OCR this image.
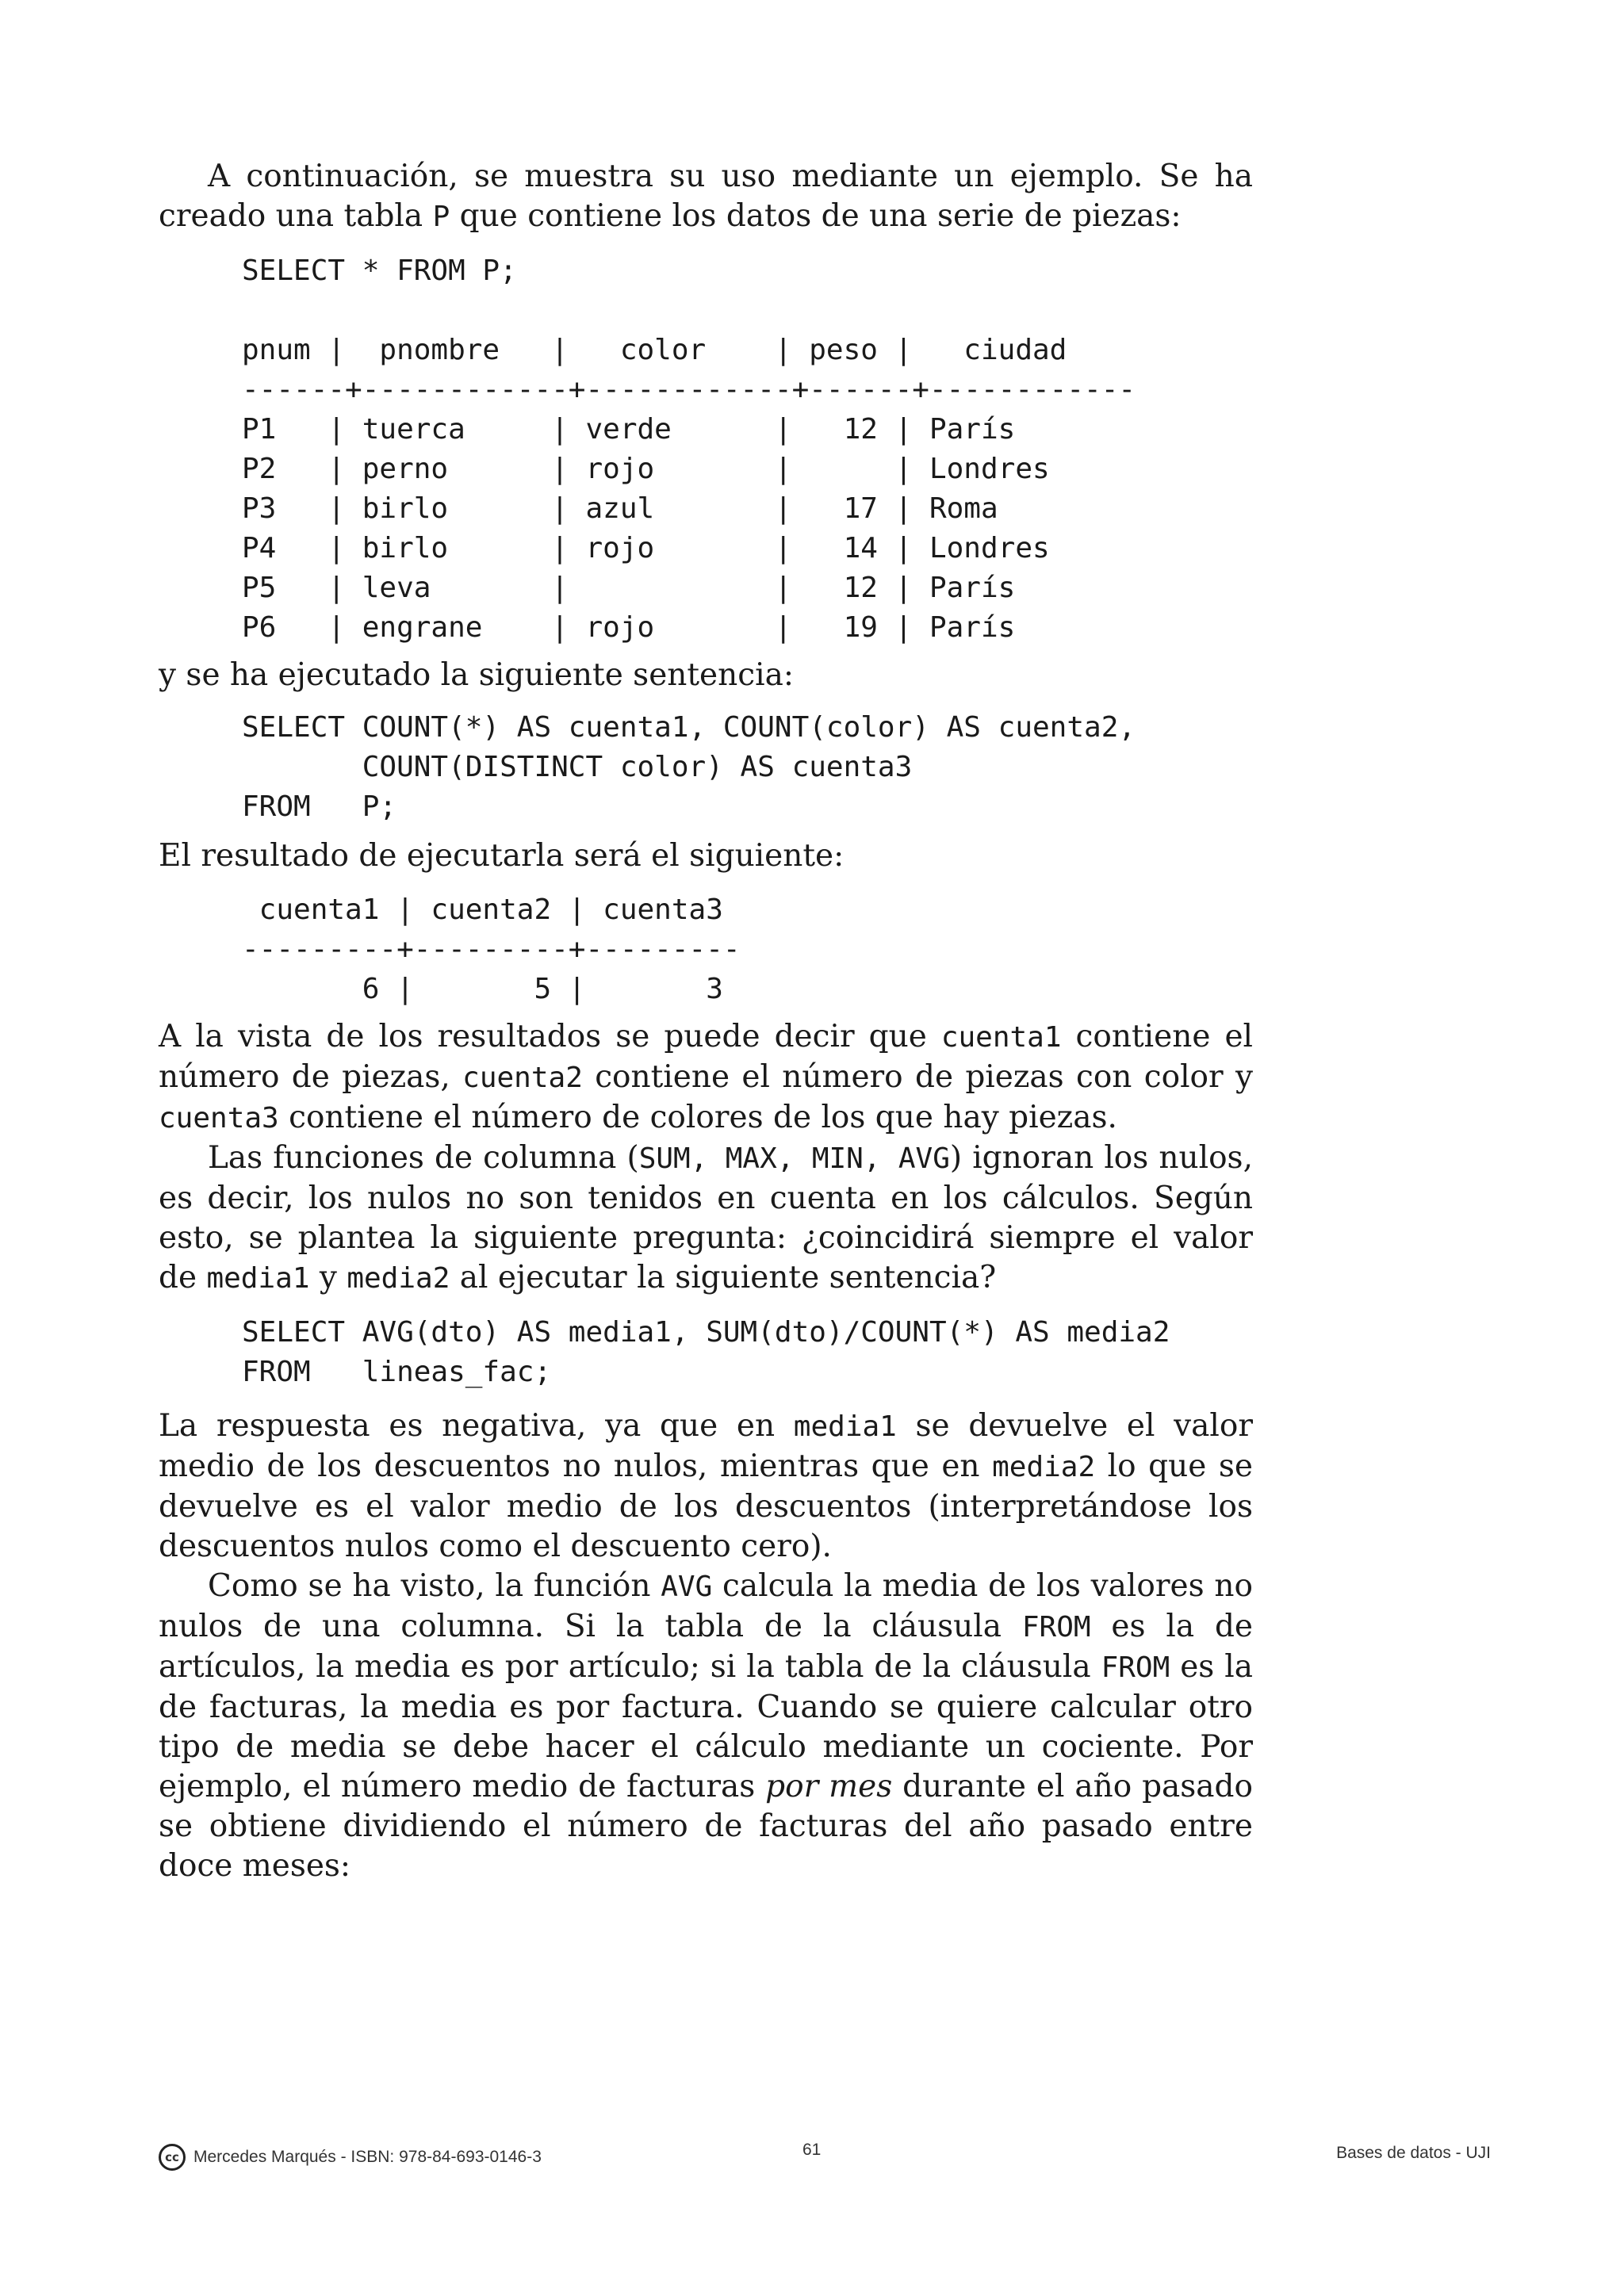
A continuación, se muestra su uso mediante un ejemplo. Se ha creado una tabla P que contiene los datos de una serie de piezas:

SELECT * FROM P;
pnum |  pnombre   |   color    | peso |   ciudad
------+------------+------------+------+------------
P1   | tuerca     | verde      |   12 | París
P2   | perno      | rojo       |      | Londres
P3   | birlo      | azul       |   17 | Roma
P4   | birlo      | rojo       |   14 | Londres
P5   | leva       |            |   12 | París
P6   | engrane    | rojo       |   19 | París

y se ha ejecutado la siguiente sentencia:

SELECT COUNT(*) AS cuenta1, COUNT(color) AS cuenta2,
COUNT(DISTINCT color) AS cuenta3
FROM   P;

El resultado de ejecutarla será el siguiente:

cuenta1 | cuenta2 | cuenta3
---------+---------+---------
6 |       5 |       3

A la vista de los resultados se puede decir que cuenta1 contiene el número de piezas, cuenta2 contiene el número de piezas con color y cuenta3 contiene el número de colores de los que hay piezas.

Las funciones de columna (SUM, MAX, MIN, AVG) ignoran los nulos, es decir, los nulos no son tenidos en cuenta en los cálculos. Según esto, se plantea la siguiente pregunta: ¿coincidirá siempre el valor de media1 y media2 al ejecutar la siguiente sentencia?

SELECT AVG(dto) AS media1, SUM(dto)/COUNT(*) AS media2
FROM   lineas_fac;

La respuesta es negativa, ya que en media1 se devuelve el valor medio de los descuentos no nulos, mientras que en media2 lo que se devuelve es el valor medio de los descuentos (interpretándose los descuentos nulos como el descuento cero).

Como se ha visto, la función AVG calcula la media de los valores no nulos de una columna. Si la tabla de la cláusula FROM es la de artículos, la media es por artículo; si la tabla de la cláusula FROM es la de facturas, la media es por factura. Cuando se quiere calcular otro tipo de media se debe hacer el cálculo mediante un cociente. Por ejemplo, el número medio de facturas por mes durante el año pasado se obtiene dividiendo el número de facturas del año pasado entre doce meses:

cc Mercedes Marqués - ISBN: 978-84-693-0146-3	61	Bases de datos - UJI
